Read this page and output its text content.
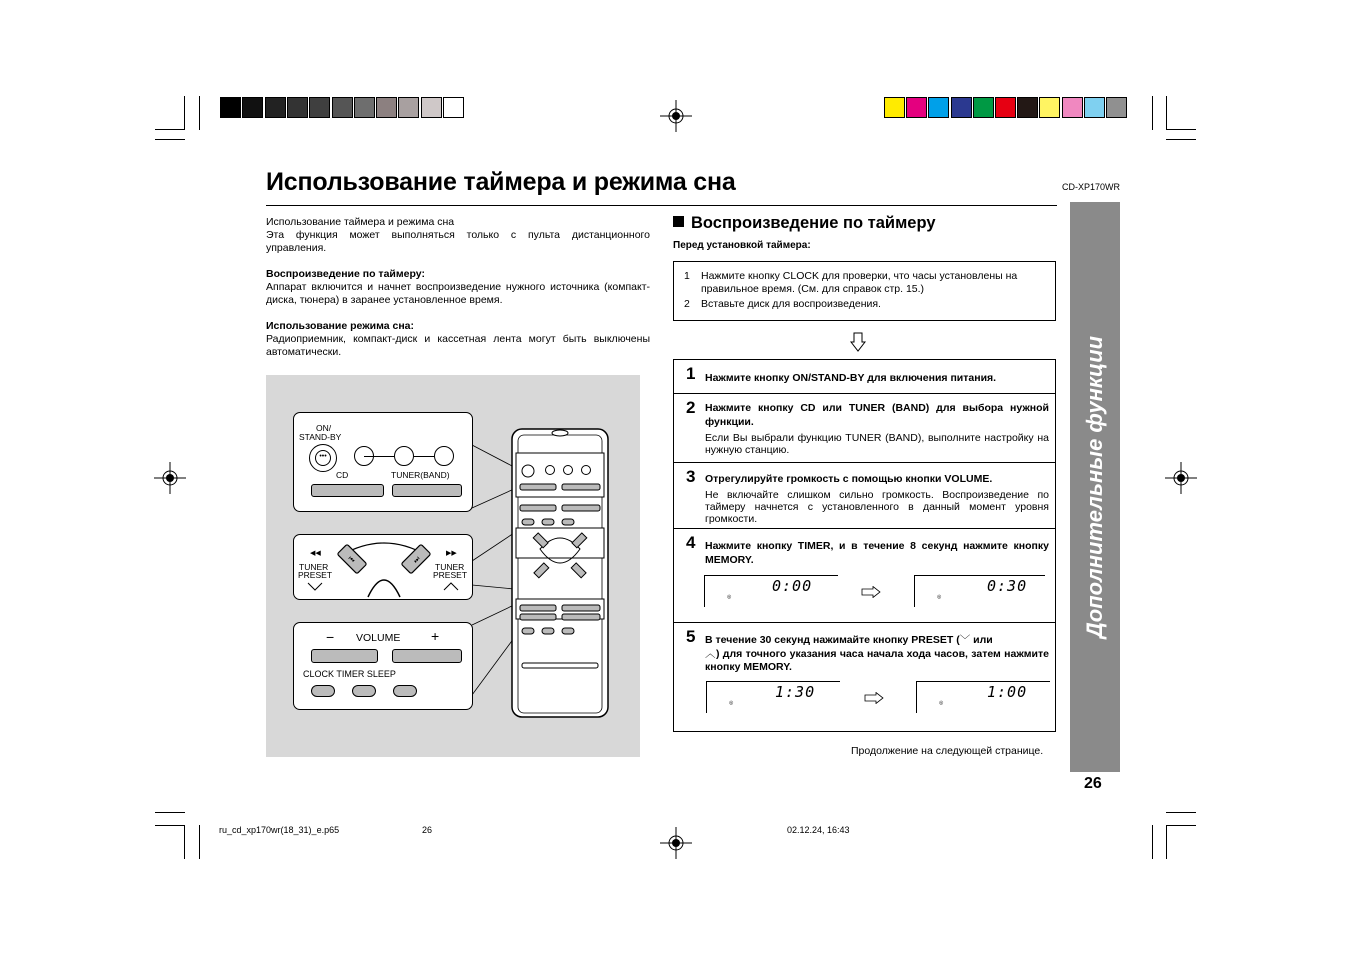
Использование таймера и режима сна	CD-XP170WR

Использование таймера и режима сна

Эта функция может выполняться только с пульта дистанционного управления.

Воспроизведение по таймеру:

Аппарат включится и начнет воспроизведение нужного источника (компакт-диска, тюнера) в заранее установленное время.

Использование режима сна:

Радиоприемник, компакт-диск и кассетная лента могут быть выключены автоматически.

ON/
STAND-BY
•••
CD	TUNER(BAND)
⏮	⏭
◀◀	▶▶
TUNER
PRESET
TUNER
PRESET
− VOLUME +
CLOCK TIMER SLEEP
Воспроизведение по таймеру
Перед установкой таймера:
1	Нажмите кнопку CLOCK для проверки, что часы установлены на правильное время. (См. для справок стр. 15.)
2	Вставьте диск для воспроизведения.
1 Нажмите кнопку ON/STAND-BY для включения питания.
2 Нажмите кнопку CD или TUNER (BAND) для выбора нужной функции.
Если Вы выбрали функцию TUNER (BAND), выполните настройку на нужную станцию.
3 Отрегулируйте громкость с помощью кнопки VOLUME.
Не включайте слишком сильно громкость. Воспроизведение по таймеру начнется с установленного в данный момент уровня громкости.
4 Нажмите кнопку TIMER, и в течение 8 секунд нажмите кнопку MEMORY.
◎
0:00
◎
0:30
5 В течение 30 секунд нажимайте кнопку PRESET (﹀ или
︿) для точного указания часа начала хода часов, затем нажмите кнопку MEMORY.
◎
1:30
◎
1:00
Продолжение на следующей странице.
Дополнительные функции
26
ru_cd_xp170wr(18_31)_e.p65	26	02.12.24, 16:43
